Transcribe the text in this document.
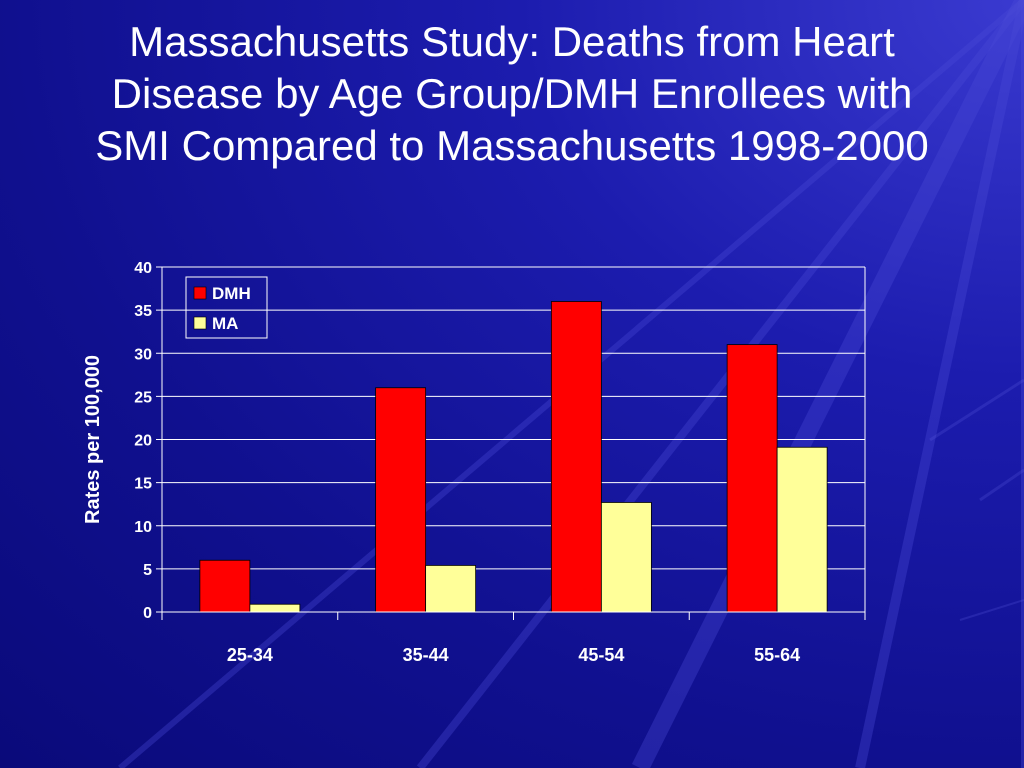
Massachusetts Study: Deaths from Heart
Disease by Age Group/DMH Enrollees with
SMI Compared to Massachusetts 1998-2000
0
5
10
15
20
25
30
35
40
25-34	35-44	45-54	55-64
Rates per 100,000
DMH
MA
